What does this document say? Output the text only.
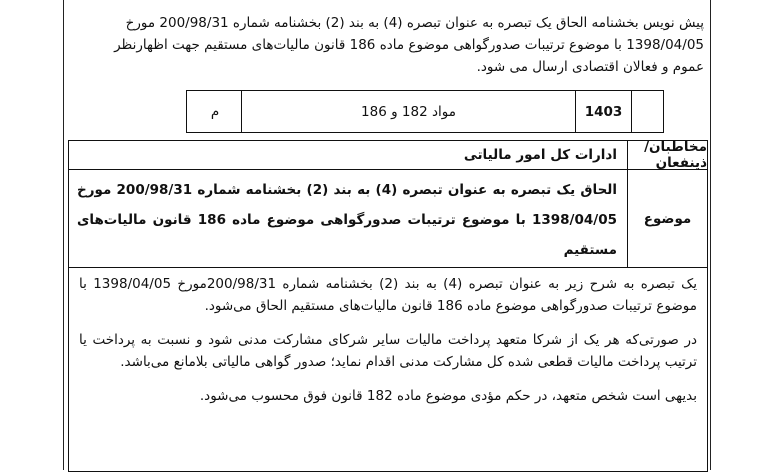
پیش نویس بخشنامه الحاق یک تبصره به عنوان تبصره (4) به بند (2) بخشنامه شماره 200/98/31 مورخ 1398/04/05 با موضوع ترتیبات صدورگواهی موضوع ماده 186 قانون مالیات‌های مستقیم جهت اظهارنظر عموم و فعالان اقتصادی ارسال می شود.
1403
مواد 182 و 186
م
مخاطبان/ ذینفعان
ادارات کل امور مالیاتی
موضوع
الحاق یک تبصره به عنوان تبصره (4) به بند (2) بخشنامه شماره 200/98/31 مورخ 1398/04/05 با موضوع ترتیبات صدورگواهی موضوع ماده 186 قانون مالیات‌های مستقیم

یک تبصره به شرح زیر به عنوان تبصره (4) به بند (2) بخشنامه شماره 200/98/31مورخ 1398/04/05 با موضوع ترتیبات صدورگواهی موضوع ماده 186 قانون مالیات‌های مستقیم الحاق می‌شود.

در صورتی‌که هر یک از شرکا متعهد پرداخت مالیات سایر شرکای مشارکت مدنی شود و نسبت به پرداخت یا ترتیب پرداخت مالیات قطعی شده کل مشارکت مدنی اقدام نماید؛ صدور گواهی مالیاتی بلامانع می‌باشد.

بدیهی است شخص متعهد، در حکم مؤدی موضوع ماده 182 قانون فوق محسوب می‌شود.
